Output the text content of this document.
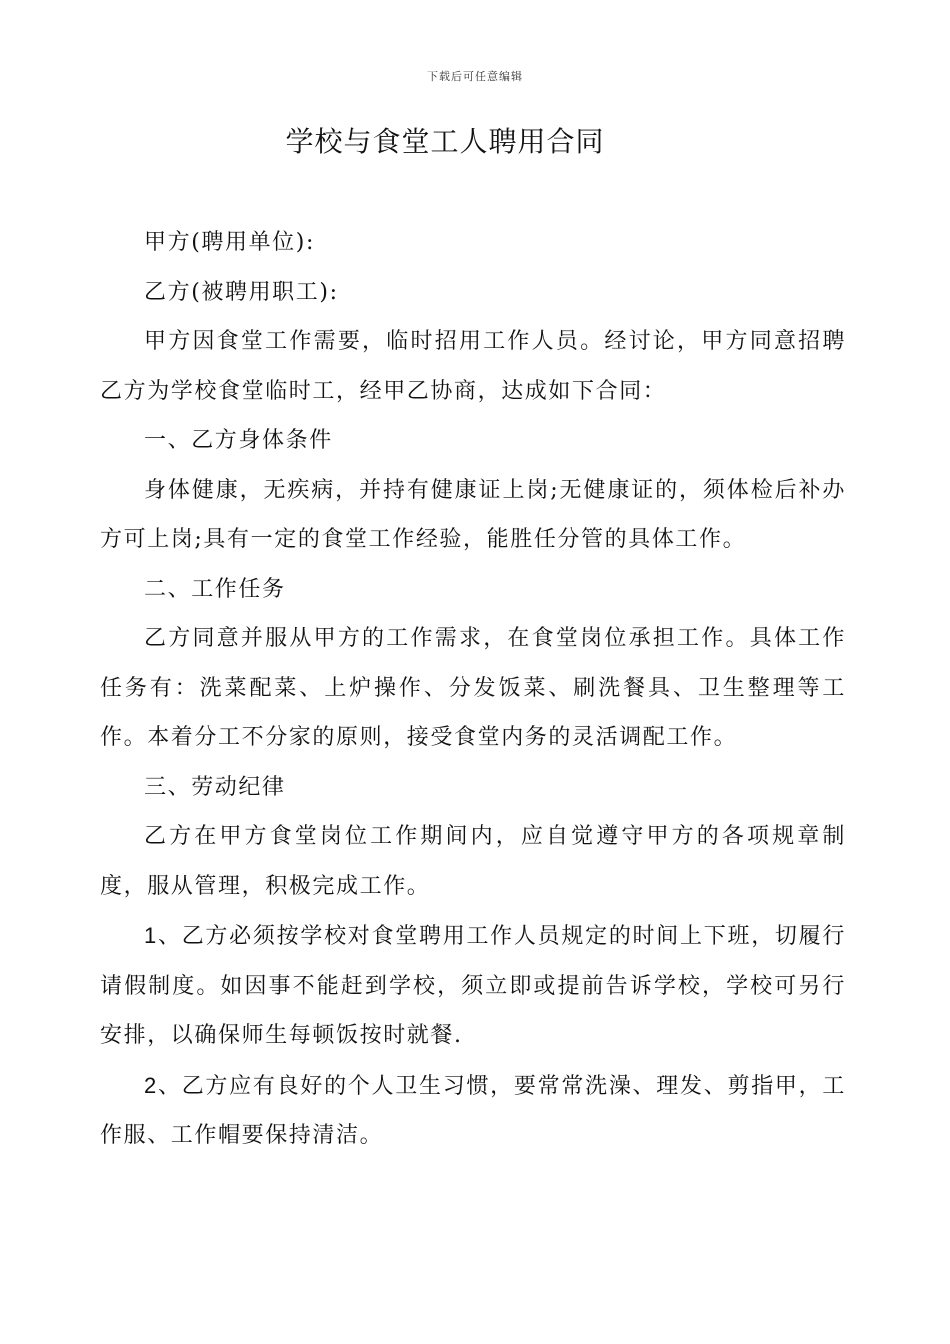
下载后可任意编辑
学校与食堂工人聘用合同

甲方(聘用单位):

乙方(被聘用职工):

甲方因食堂工作需要，临时招用工作人员。经讨论，甲方同意招聘乙方为学校食堂临时工，经甲乙协商，达成如下合同：

一、乙方身体条件

身体健康，无疾病，并持有健康证上岗;无健康证的，须体检后补办方可上岗;具有一定的食堂工作经验，能胜任分管的具体工作。

二、工作任务

乙方同意并服从甲方的工作需求，在食堂岗位承担工作。具体工作任务有：洗菜配菜、上炉操作、分发饭菜、刷洗餐具、卫生整理等工作。本着分工不分家的原则，接受食堂内务的灵活调配工作。

三、劳动纪律

乙方在甲方食堂岗位工作期间内，应自觉遵守甲方的各项规章制度，服从管理，积极完成工作。

1、乙方必须按学校对食堂聘用工作人员规定的时间上下班，切履行请假制度。如因事不能赶到学校，须立即或提前告诉学校，学校可另行安排，以确保师生每顿饭按时就餐.

2、乙方应有良好的个人卫生习惯，要常常洗澡、理发、剪指甲，工作服、工作帽要保持清洁。
